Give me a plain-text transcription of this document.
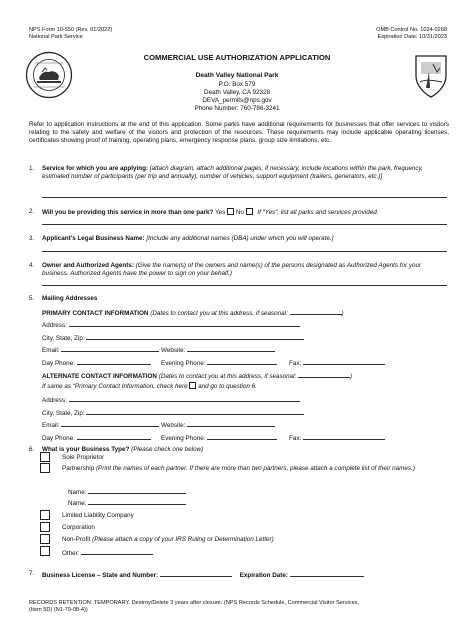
NPS Form 10-550 (Rev. 01/2022)
National Park Service
OMB Control No. 1024-0268
Expiration Date: 10/31/2023
COMMERCIAL USE AUTHORIZATION APPLICATION
Death Valley National Park
P.O. Box 579
Death Valley, CA 92328
DEVA_permits@nps.gov
Phone Number: 760-786-3241
Refer to application instructions at the end of this application. Some parks have additional requirements for businesses that offer services to visitors relating to the safety and welfare of the visitors and protection of the resources. These requirements may include applicable operating licenses, certificates showing proof of training, operating plans, emergency response plans, group size limitations, etc.
1. Service for which you are applying: [attach diagram, attach additional pages, if necessary, include locations within the park, frequency, estimated number of participants (per trip and annually), number of vehicles, support equipment (trailers, generators, etc.)]
2. Will you be providing this service in more than one park? Yes No If “Yes”, list all parks and services provided.
3. Applicant’s Legal Business Name: [Include any additional names (DBA) under which you will operate.]
4. Owner and Authorized Agents: (Give the name(s) of the owners and name(s) of the persons designated as Authorized Agents for your business. Authorized Agents have the power to sign on your behalf.)
5. Mailing Addresses
PRIMARY CONTACT INFORMATION (Dates to contact you at this address, if seasonal:	)
Address:
City, State, Zip:
Email:	Website:
Day Phone:	Evening Phone:	Fax:
ALTERNATE CONTACT INFORMATION (Dates to contact you at this address, if seasonal:	)
If same as “Primary Contact Information, check here and go to question 6.
Address:
City, State, Zip:
Email:	Website:
Day Phone:	Evening Phone:	Fax:
6. What is your Business Type? (Please check one below)
Sole Proprietor
Partnership (Print the names of each partner. If there are more than two partners, please attach a complete list of their names.)
Name:
Name:
Limited Liability Company
Corporation
Non-Profit (Please attach a copy of your IRS Ruling or Determination Letter)
Other:
7. Business License – State and Number:	Expiration Date:
RECORDS RETENTION: TEMPORARY. Destroy/Delete 3 years after closure. (NPS Records Schedule, Commercial Visitor Services,
(Item 5D) (N1-79-08-4))
